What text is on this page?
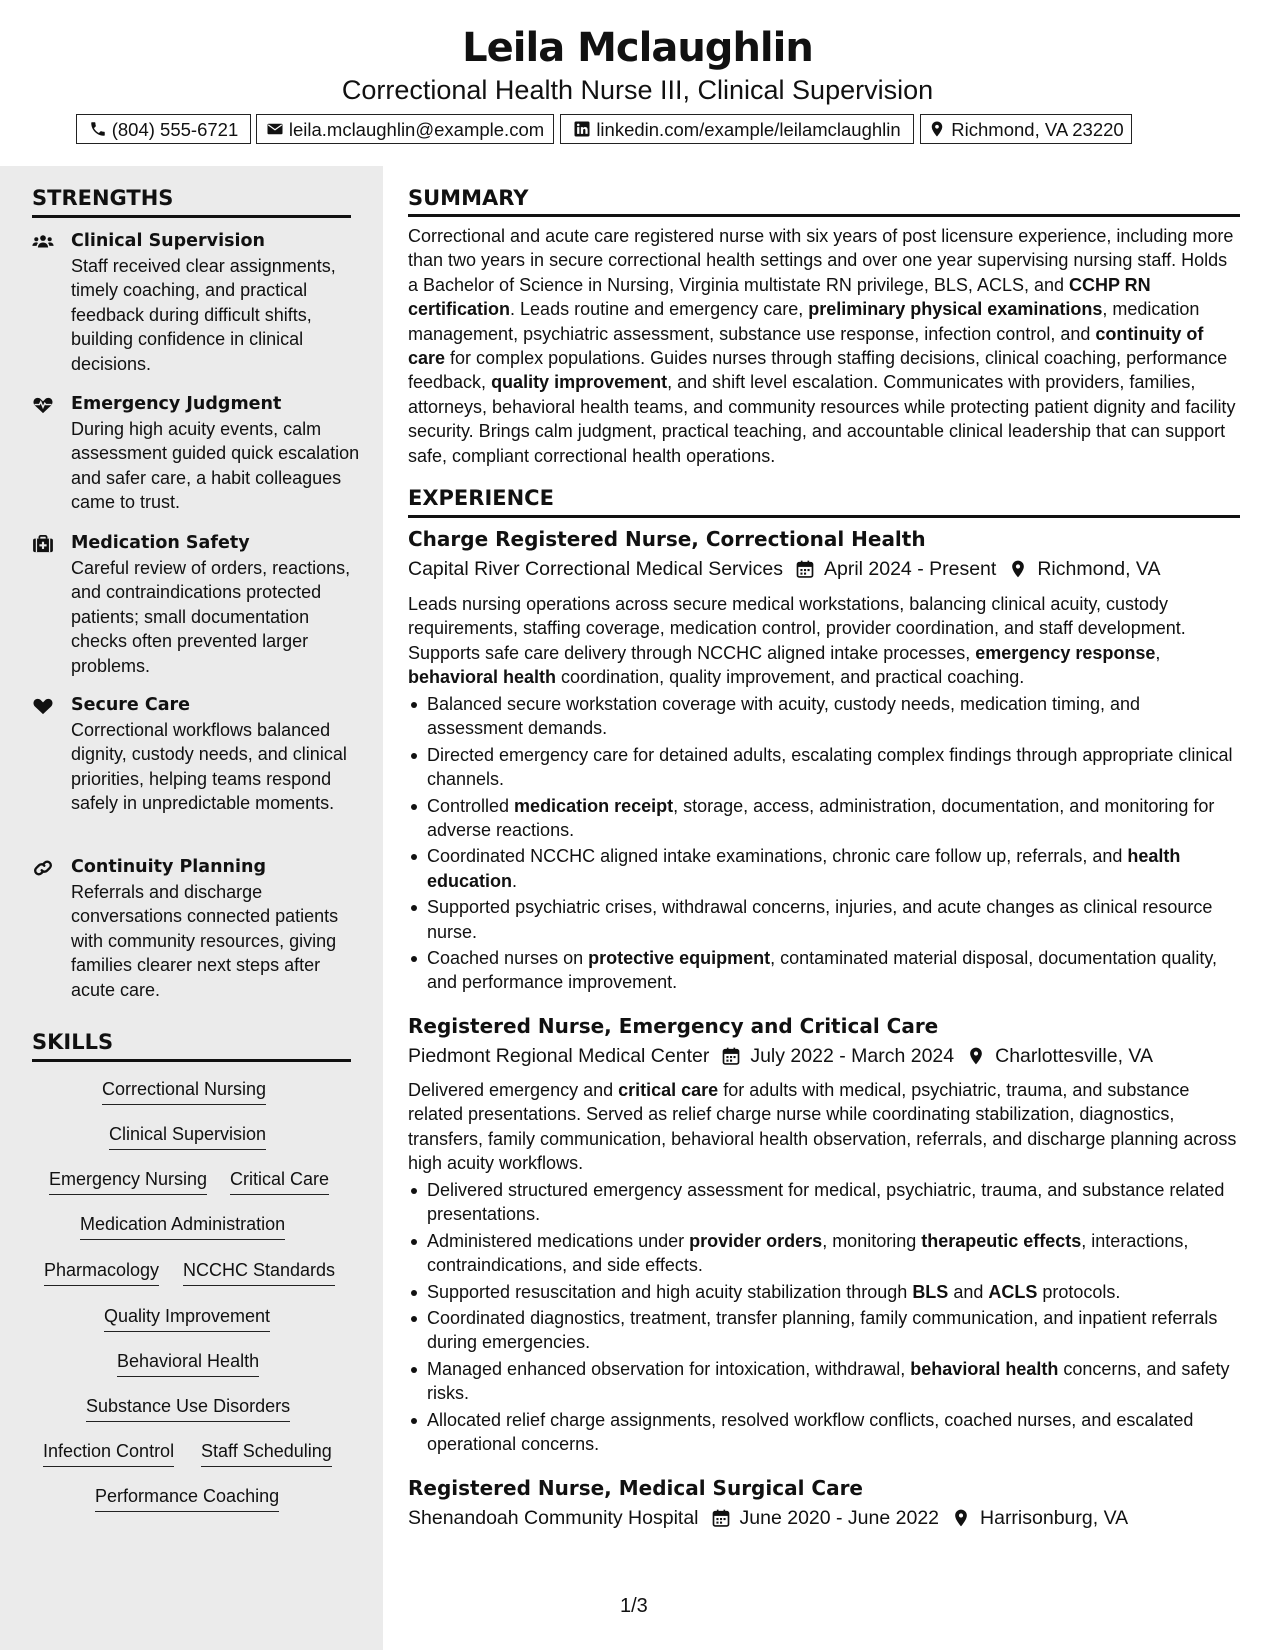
Leila Mclaughlin
Correctional Health Nurse III, Clinical Supervision
(804) 555-6721	leila.mclaughlin@example.com	linkedin.com/example/leilamclaughlin	Richmond, VA 23220
STRENGTHS
Clinical Supervision
Staff received clear assignments, timely coaching, and practical feedback during difficult shifts, building confidence in clinical decisions.
Emergency Judgment
During high acuity events, calm assessment guided quick escalation and safer care, a habit colleagues came to trust.
Medication Safety
Careful review of orders, reactions, and contraindications protected patients; small documentation checks often prevented larger problems.
Secure Care
Correctional workflows balanced dignity, custody needs, and clinical priorities, helping teams respond safely in unpredictable moments.
Continuity Planning
Referrals and discharge conversations connected patients with community resources, giving families clearer next steps after acute care.
SKILLS
Correctional Nursing
Clinical Supervision
Emergency Nursing Critical Care
Medication Administration
Pharmacology NCCHC Standards
Quality Improvement
Behavioral Health
Substance Use Disorders
Infection Control Staff Scheduling
Performance Coaching
SUMMARY
Correctional and acute care registered nurse with six years of post licensure experience, including more than two years in secure correctional health settings and over one year supervising nursing staff. Holds a Bachelor of Science in Nursing, Virginia multistate RN privilege, BLS, ACLS, and CCHP RN certification. Leads routine and emergency care, preliminary physical examinations, medication management, psychiatric assessment, substance use response, infection control, and continuity of care for complex populations. Guides nurses through staffing decisions, clinical coaching, performance feedback, quality improvement, and shift level escalation. Communicates with providers, families, attorneys, behavioral health teams, and community resources while protecting patient dignity and facility security. Brings calm judgment, practical teaching, and accountable clinical leadership that can support safe, compliant correctional health operations.
EXPERIENCE
Charge Registered Nurse, Correctional Health
Capital River Correctional Medical Services April 2024 - Present Richmond, VA
Leads nursing operations across secure medical workstations, balancing clinical acuity, custody requirements, staffing coverage, medication control, provider coordination, and staff development. Supports safe care delivery through NCCHC aligned intake processes, emergency response, behavioral health coordination, quality improvement, and practical coaching.
Balanced secure workstation coverage with acuity, custody needs, medication timing, and assessment demands.
Directed emergency care for detained adults, escalating complex findings through appropriate clinical channels.
Controlled medication receipt, storage, access, administration, documentation, and monitoring for adverse reactions.
Coordinated NCCHC aligned intake examinations, chronic care follow up, referrals, and health education.
Supported psychiatric crises, withdrawal concerns, injuries, and acute changes as clinical resource nurse.
Coached nurses on protective equipment, contaminated material disposal, documentation quality, and performance improvement.
Registered Nurse, Emergency and Critical Care
Piedmont Regional Medical Center July 2022 - March 2024 Charlottesville, VA
Delivered emergency and critical care for adults with medical, psychiatric, trauma, and substance related presentations. Served as relief charge nurse while coordinating stabilization, diagnostics, transfers, family communication, behavioral health observation, referrals, and discharge planning across high acuity workflows.
Delivered structured emergency assessment for medical, psychiatric, trauma, and substance related presentations.
Administered medications under provider orders, monitoring therapeutic effects, interactions, contraindications, and side effects.
Supported resuscitation and high acuity stabilization through BLS and ACLS protocols.
Coordinated diagnostics, treatment, transfer planning, family communication, and inpatient referrals during emergencies.
Managed enhanced observation for intoxication, withdrawal, behavioral health concerns, and safety risks.
Allocated relief charge assignments, resolved workflow conflicts, coached nurses, and escalated operational concerns.
Registered Nurse, Medical Surgical Care
Shenandoah Community Hospital June 2020 - June 2022 Harrisonburg, VA
1/3
